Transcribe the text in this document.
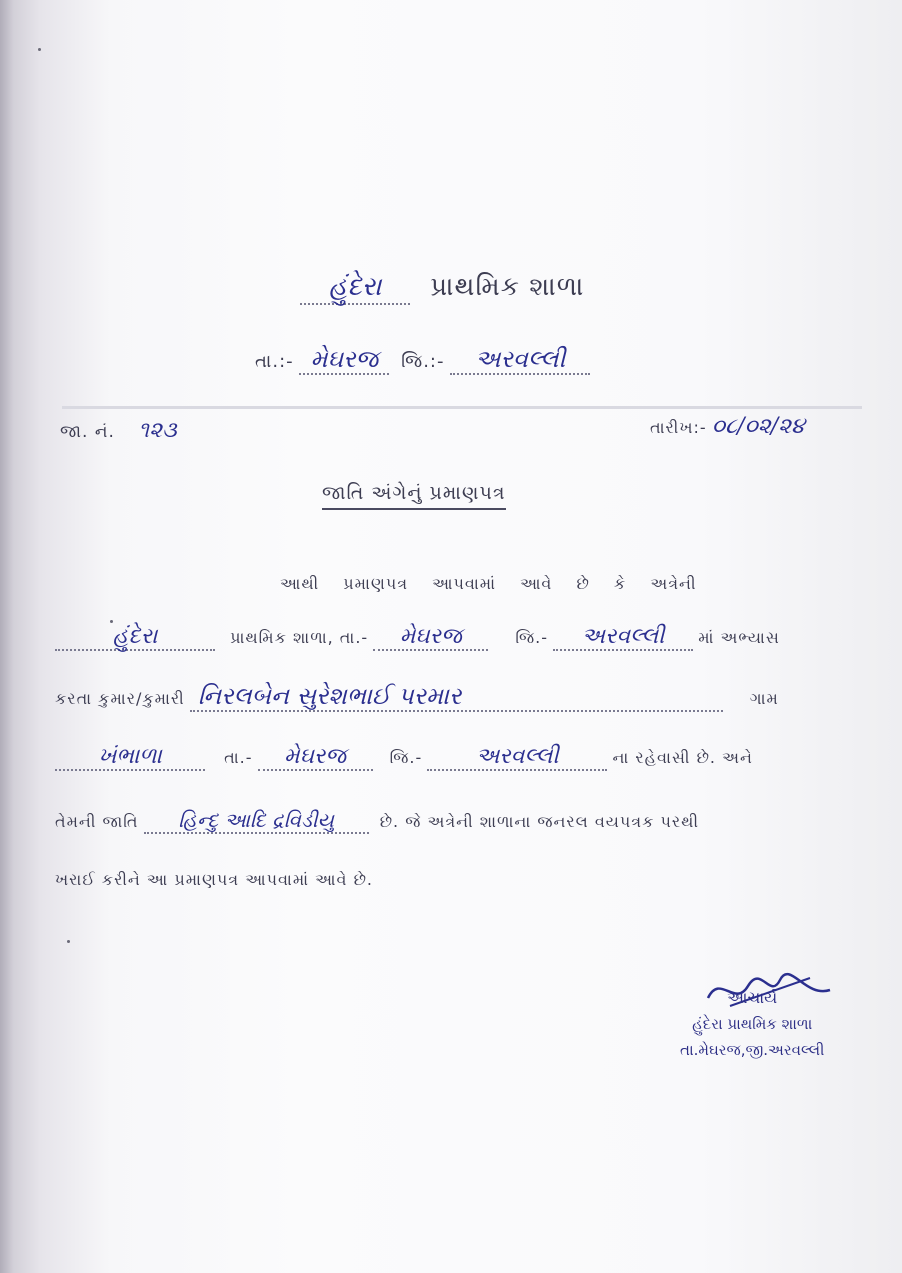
હુંદેરા પ્રાથમિક શાળા
તા.:- મેઘરજ જિ.:- અરવલ્લી
જા. નં. ૧૨૩	તારીખ:- ૦૮/૦૨/૨૪
જાતિ અંગેનું પ્રમાણપત્ર
આથી પ્રમાણપત્ર આપવામાં આવે છે કે અત્રેની
હુંદેરા	પ્રાથમિક શાળા, તા.- મેઘરજ	જિ.- અરવલ્લી માં અભ્યાસ
કરતા કુમાર/કુમારી નિરલબેન સુરેશભાઈ પરમાર	ગામ
ખંભાળા	તા.- મેઘરજ	જિ.- અરવલ્લી	ના રહેવાસી છે. અને
તેમની જાતિ હિન્દુ આદિ દ્રવિડીયુ	છે. જે અત્રેની શાળાના જનરલ વયપત્રક પરથી
ખરાઈ કરીને આ પ્રમાણપત્ર આપવામાં આવે છે.
આચાર્ય
હુંદેરા પ્રાથમિક શાળા
તા.મેઘરજ,જી.અરવલ્લી
